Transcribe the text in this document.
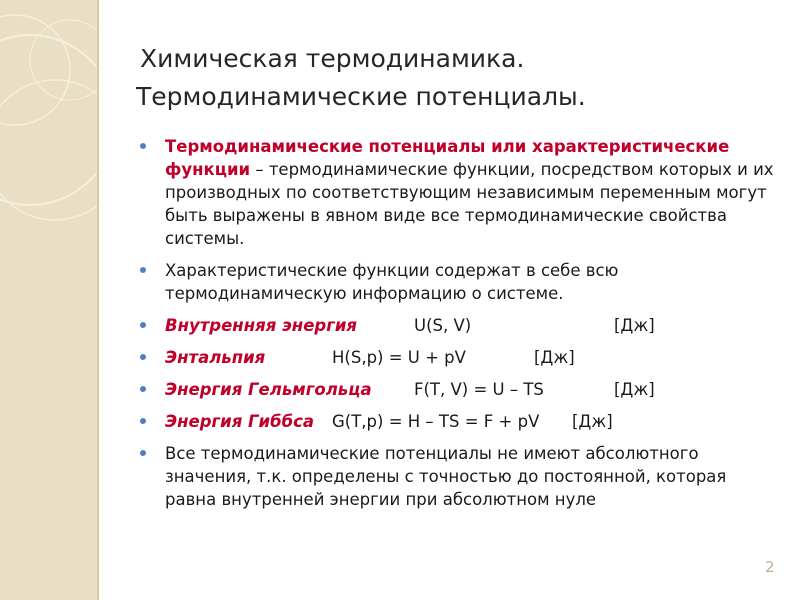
Химическая термодинамика.
Термодинамические потенциалы.
Термодинамические потенциалы или характеристические функции – термодинамические функции, посредством которых и их производных по соответствующим независимым переменным могут быть выражены в явном виде все термодинамические свойства системы.
Характеристические функции содержат в себе всю термодинамическую информацию о системе.
Внутренняя энергия	U(S, V)	[Дж]
Энтальпия	H(S,p) = U + pV	[Дж]
Энергия Гельмгольца	F(T, V) = U – TS	[Дж]
Энергия Гиббса G(T,p) = H – TS = F + pV [Дж]
Все термодинамические потенциалы не имеют абсолютного значения, т.к. определены с точностью до постоянной, которая равна внутренней энергии при абсолютном нуле
2
